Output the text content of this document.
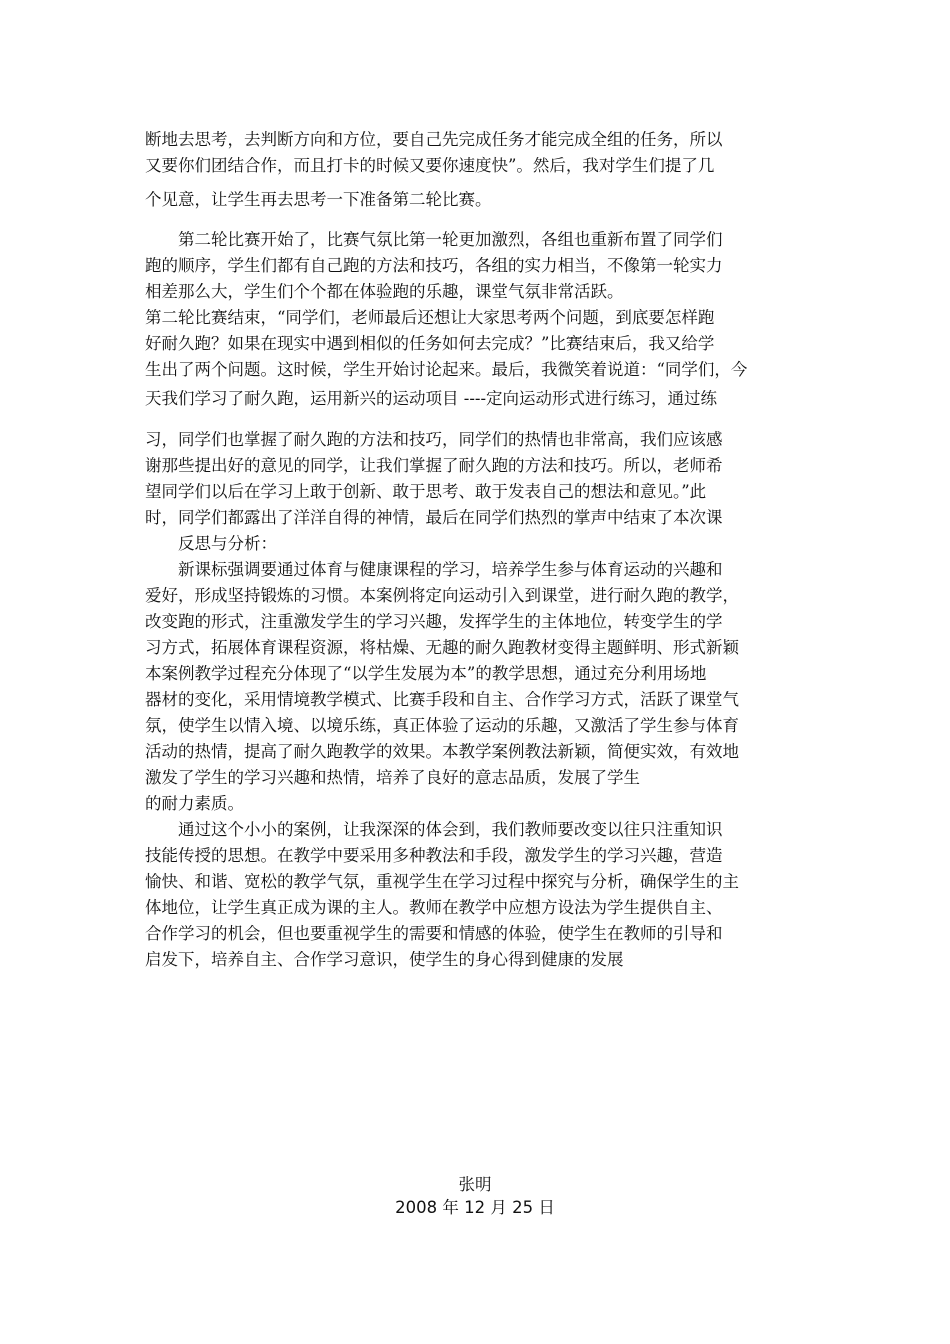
断地去思考，去判断方向和方位，要自己先完成任务才能完成全组的任务，所以
又要你们团结合作，而且打卡的时候又要你速度快”。然后，我对学生们提了几
个见意，让学生再去思考一下准备第二轮比赛。
　　第二轮比赛开始了，比赛气氛比第一轮更加激烈，各组也重新布置了同学们
跑的顺序，学生们都有自己跑的方法和技巧，各组的实力相当，不像第一轮实力
相差那么大，学生们个个都在体验跑的乐趣，课堂气氛非常活跃。
第二轮比赛结束，“同学们，老师最后还想让大家思考两个问题，到底要怎样跑
好耐久跑？如果在现实中遇到相似的任务如何去完成？”比赛结束后，我又给学
生出了两个问题。这时候，学生开始讨论起来。最后，我微笑着说道：“同学们，今
天我们学习了耐久跑，运用新兴的运动项目 ----定向运动形式进行练习，通过练
习，同学们也掌握了耐久跑的方法和技巧，同学们的热情也非常高，我们应该感
谢那些提出好的意见的同学，让我们掌握了耐久跑的方法和技巧。所以，老师希
望同学们以后在学习上敢于创新、敢于思考、敢于发表自己的想法和意见。”此
时，同学们都露出了洋洋自得的神情，最后在同学们热烈的掌声中结束了本次课
　　反思与分析：
　　新课标强调要通过体育与健康课程的学习，培养学生参与体育运动的兴趣和
爱好，形成坚持锻炼的习惯。本案例将定向运动引入到课堂，进行耐久跑的教学，
改变跑的形式，注重激发学生的学习兴趣，发挥学生的主体地位，转变学生的学
习方式，拓展体育课程资源，将枯燥、无趣的耐久跑教材变得主题鲜明、形式新颖
本案例教学过程充分体现了“以学生发展为本”的教学思想，通过充分利用场地
器材的变化，采用情境教学模式、比赛手段和自主、合作学习方式，活跃了课堂气
氛，使学生以情入境、以境乐练，真正体验了运动的乐趣，又激活了学生参与体育
活动的热情，提高了耐久跑教学的效果。本教学案例教法新颖，简便实效，有效地
激发了学生的学习兴趣和热情，培养了良好的意志品质，发展了学生
的耐力素质。
　　通过这个小小的案例，让我深深的体会到，我们教师要改变以往只注重知识
技能传授的思想。在教学中要采用多种教法和手段，激发学生的学习兴趣，营造
愉快、和谐、宽松的教学气氛，重视学生在学习过程中探究与分析，确保学生的主
体地位，让学生真正成为课的主人。教师在教学中应想方设法为学生提供自主、
合作学习的机会，但也要重视学生的需要和情感的体验，使学生在教师的引导和
启发下，培养自主、合作学习意识，使学生的身心得到健康的发展
张明
2008 年 12 月 25 日
